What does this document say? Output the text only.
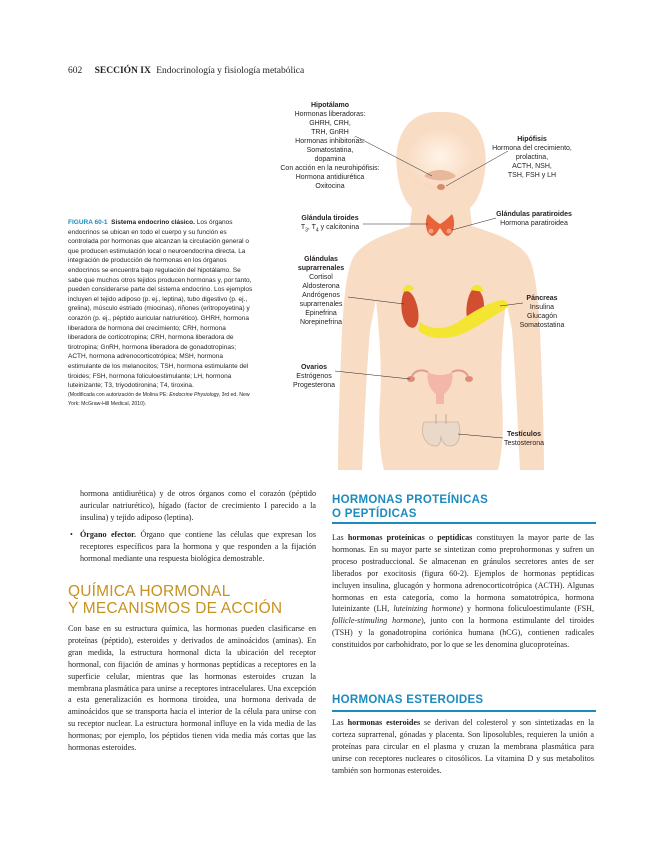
602 SECCIÓN IX Endocrinología y fisiología metabólica
Hipotálamo
Hormonas liberadoras:
GHRH, CRH,
TRH, GnRH
Hormonas inhibitorias:
Somatostatina,
dopamina
Con acción en la neurohipófisis:
Hormona antidiurética
Oxitocina
Hipófisis
Hormona del crecimiento,
prolactina,
ACTH, NSH,
TSH, FSH y LH
Glándula tiroides
$T_3$, $T_4$ y calcitonina
Glándulas paratiroides
Hormona paratiroidea
Glándulas
suprarrenales
Cortisol
Aldosterona
Andrógenos
suprarrenales
Epinefrina
Norepinefrina
Páncreas
Insulina
Glucagón
Somatostatina
Ovarios
Estrógenos
Progesterona
Testículos
Testosterona
FIGURA 60-1 Sistema endocrino clásico. Los órganos endocrinos se ubican en todo el cuerpo y su función es controlada por hormonas que alcanzan la circulación general o que producen estimulación local o neuroendocrina directa. La integración de producción de hormonas en los órganos endocrinos se encuentra bajo regulación del hipotálamo. Se sabe que muchos otros tejidos producen hormonas y, por tanto, pueden considerarse parte del sistema endocrino. Los ejemplos incluyen el tejido adiposo (p. ej., leptina), tubo digestivo (p. ej., grelina), músculo estriado (miocinas), riñones (eritropoyetina) y corazón (p. ej., péptido auricular natriurético). GHRH, hormona liberadora de hormona del crecimiento; CRH, hormona liberadora de corticotropina; CRH, hormona liberadora de tirotropina; GnRH, hormona liberadora de gonadotropinas; ACTH, hormona adrenocorticotrópica; MSH, hormona estimulante de los melanocitos; TSH, hormona estimulante del tiroides; FSH, hormona foliculoestimulante; LH, hormona luteinizante; T3, triyodotironina; T4, tiroxina.
(Modificada con autorización de Molina PE: Endocrine Physiology, 3rd ed. New York: McGraw-Hill Medical, 2010).
hormona antidiurética) y de otros órganos como el corazón (péptido auricular natriurético), hígado (factor de crecimiento I parecido a la insulina) y tejido adiposo (leptina).
• Órgano efector. Órgano que contiene las células que expresan los receptores específicos para la hormona y que responden a la fijación hormonal mediante una respuesta biológica demostrable.
QUÍMICA HORMONAL
Y MECANISMOS DE ACCIÓN
Con base en su estructura química, las hormonas pueden clasificarse en proteínas (péptido), esteroides y derivados de aminoácidos (aminas). En gran medida, la estructura hormonal dicta la ubicación del receptor hormonal, con fijación de aminas y hormonas peptídicas a receptores en la superficie celular, mientras que las hormonas esteroides cruzan la membrana plasmática para unirse a receptores intracelulares. Una excepción a esta generalización es hormona tiroidea, una hormona derivada de aminoácidos que se transporta hacia el interior de la célula para unirse con su receptor nuclear. La estructura hormonal influye en la vida media de las hormonas; por ejemplo, los péptidos tienen vida media más cortas que las hormonas esteroides.
HORMONAS PROTEÍNICAS
O PEPTÍDICAS
Las hormonas proteínicas o peptídicas constituyen la mayor parte de las hormonas. En su mayor parte se sintetizan como preprohormonas y sufren un proceso postraduccional. Se almacenan en gránulos secretores antes de ser liberados por exocitosis (figura 60-2). Ejemplos de hormonas peptídicas incluyen insulina, glucagón y hormona adrenocorticotrópica (ACTH). Algunas hormonas en esta categoría, como la hormona somatotrópica, hormona luteinizante (LH, luteinizing hormone) y hormona foliculoestimulante (FSH, follicle-stimuling hormone), junto con la hormona estimulante del tiroides (TSH) y la gonadotropina coriónica humana (hCG), contienen radicales constituidos por carbohidrato, por lo que se les denomina glucoproteínas.
HORMONAS ESTEROIDES
Las hormonas esteroides se derivan del colesterol y son sintetizadas en la corteza suprarrenal, gónadas y placenta. Son liposolubles, requieren la unión a proteínas para circular en el plasma y cruzan la membrana plasmática para unirse con receptores nucleares o citosólicos. La vitamina D y sus metabolitos también son hormonas esteroides.
